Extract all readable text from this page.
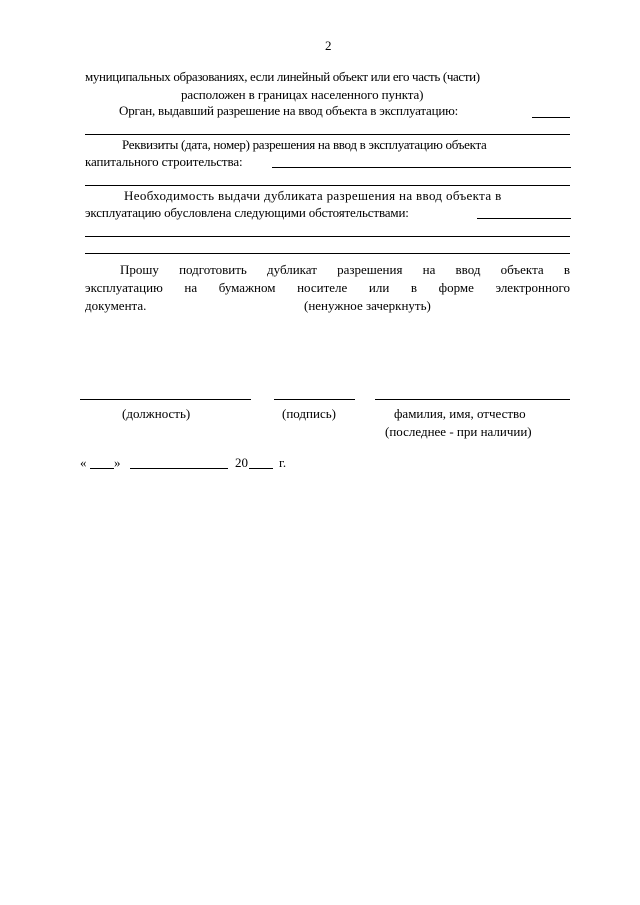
2
муниципальных образованиях, если линейный объект или его часть (части)
расположен в границах населенного пункта)
Орган, выдавший разрешение на ввод объекта в эксплуатацию:
Реквизиты (дата, номер) разрешения на ввод в эксплуатацию объекта
капитального строительства:
Необходимость выдачи дубликата разрешения на ввод объекта в
эксплуатацию обусловлена следующими обстоятельствами:
Прошу подготовить дубликат разрешения на ввод объекта в
эксплуатацию на бумажном носителе или в форме электронного
документа.	(ненужное зачеркнуть)
(должность)	(подпись)	фамилия, имя, отчество
(последнее - при наличии)
« »	20 г.
